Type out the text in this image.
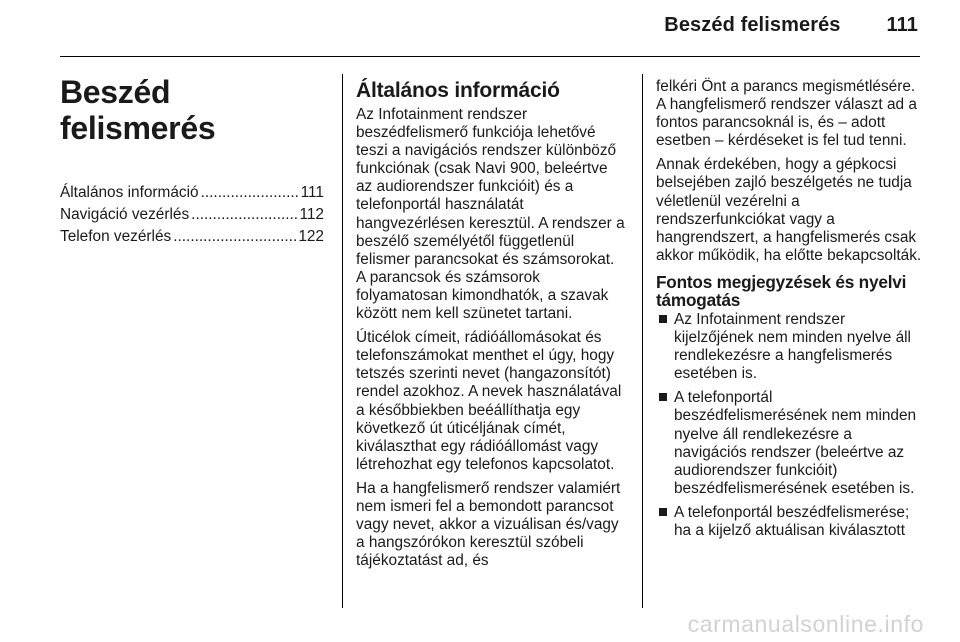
Beszéd felismerés 111
Beszéd felismerés
Általános információ .....	111
Navigáció vezérlés .....	112
Telefon vezérlés .....	122
Általános információ

Az Infotainment rendszer beszédfelismerő funkciója lehetővé teszi a navigációs rendszer különböző funkciónak (csak Navi 900, beleértve az audiorendszer funkcióit) és a telefonportál használatát hangvezérlésen keresztül. A rendszer a beszélő személyétől függetlenül felismer parancsokat és számsorokat. A parancsok és számsorok folyamatosan kimondhatók, a szavak között nem kell szünetet tartani.

Úticélok címeit, rádióállomásokat és telefonszámokat menthet el úgy, hogy tetszés szerinti nevet (hangazonsítót) rendel azokhoz. A nevek használatával a későbbiekben beéállíthatja egy következő út úticéljának címét, kiválaszthat egy rádióállomást vagy létrehozhat egy telefonos kapcsolatot.

Ha a hangfelismerő rendszer valamiért nem ismeri fel a bemondott parancsot vagy nevet, akkor a vizuálisan és/vagy a hangszórókon keresztül szóbeli tájékoztatást ad, és

felkéri Önt a parancs megismétlésére. A hangfelismerő rendszer választ ad a fontos parancsoknál is, és – adott esetben – kérdéseket is fel tud tenni.

Annak érdekében, hogy a gépkocsi belsejében zajló beszélgetés ne tudja véletlenül vezérelni a rendszerfunkciókat vagy a hangrendszert, a hangfelismerés csak akkor működik, ha előtte bekapcsolták.

Fontos megjegyzések és nyelvi támogatás
Az Infotainment rendszer kijelzőjének nem minden nyelve áll rendlekezésre a hangfelismerés esetében is.
A telefonportál beszédfelismerésének nem minden nyelve áll rendlekezésre a navigációs rendszer (beleértve az audiorendszer funkcióit) beszédfelismerésének esetében is.
A telefonportál beszédfelismerése; ha a kijelző aktuálisan kiválasztott
carmanualsonline.info
